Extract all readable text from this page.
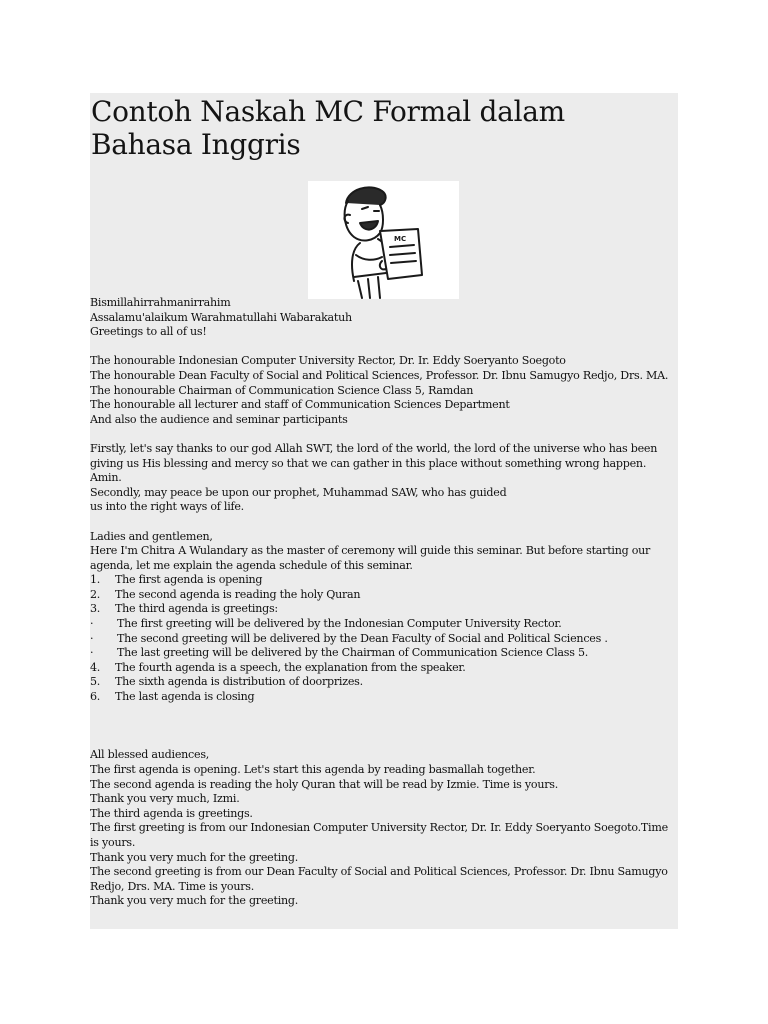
Contoh Naskah MC Formal dalam Bahasa Inggris
MC
Bismillahirrahmanirrahim
Assalamu'alaikum Warahmatullahi Wabarakatuh
Greetings to all of us!
The honourable Indonesian Computer University Rector, Dr. Ir. Eddy Soeryanto Soegoto
The honourable Dean Faculty of Social and Political Sciences, Professor. Dr. Ibnu Samugyo Redjo, Drs. MA.
The honourable Chairman of Communication Science Class 5, Ramdan
The honourable all lecturer and staff of Communication Sciences Department
And also the audience and seminar participants
Firstly, let's say thanks to our god Allah SWT, the lord of the world, the lord of the universe who has been giving us His blessing and mercy so that we can gather in this place without something wrong happen. Amin.
Secondly, may peace be upon our prophet, Muhammad SAW, who has guided
us into the right ways of life.
Ladies and gentlemen,
Here I'm Chitra A Wulandary as the master of ceremony will guide this seminar. But before starting our agenda, let me explain the agenda schedule of this seminar.
1. The first agenda is opening
2. The second agenda is reading the holy Quran
3. The third agenda is greetings:
· The first greeting will be delivered by the Indonesian Computer University Rector.
· The second greeting will be delivered by the Dean Faculty of Social and Political Sciences .
· The last greeting will be delivered by the Chairman of Communication Science Class 5.
4. The fourth agenda is a speech, the explanation from the speaker.
5. The sixth agenda is distribution of doorprizes.
6. The last agenda is closing
All blessed audiences,
The first agenda is opening. Let's start this agenda by reading basmallah together.
The second agenda is reading the holy Quran that will be read by Izmie. Time is yours.
Thank you very much, Izmi.
The third agenda is greetings.
The first greeting is from our Indonesian Computer University Rector, Dr. Ir. Eddy Soeryanto Soegoto.Time is yours.
Thank you very much for the greeting.
The second greeting is from our Dean Faculty of Social and Political Sciences, Professor. Dr. Ibnu Samugyo Redjo, Drs. MA. Time is yours.
Thank you very much for the greeting.
